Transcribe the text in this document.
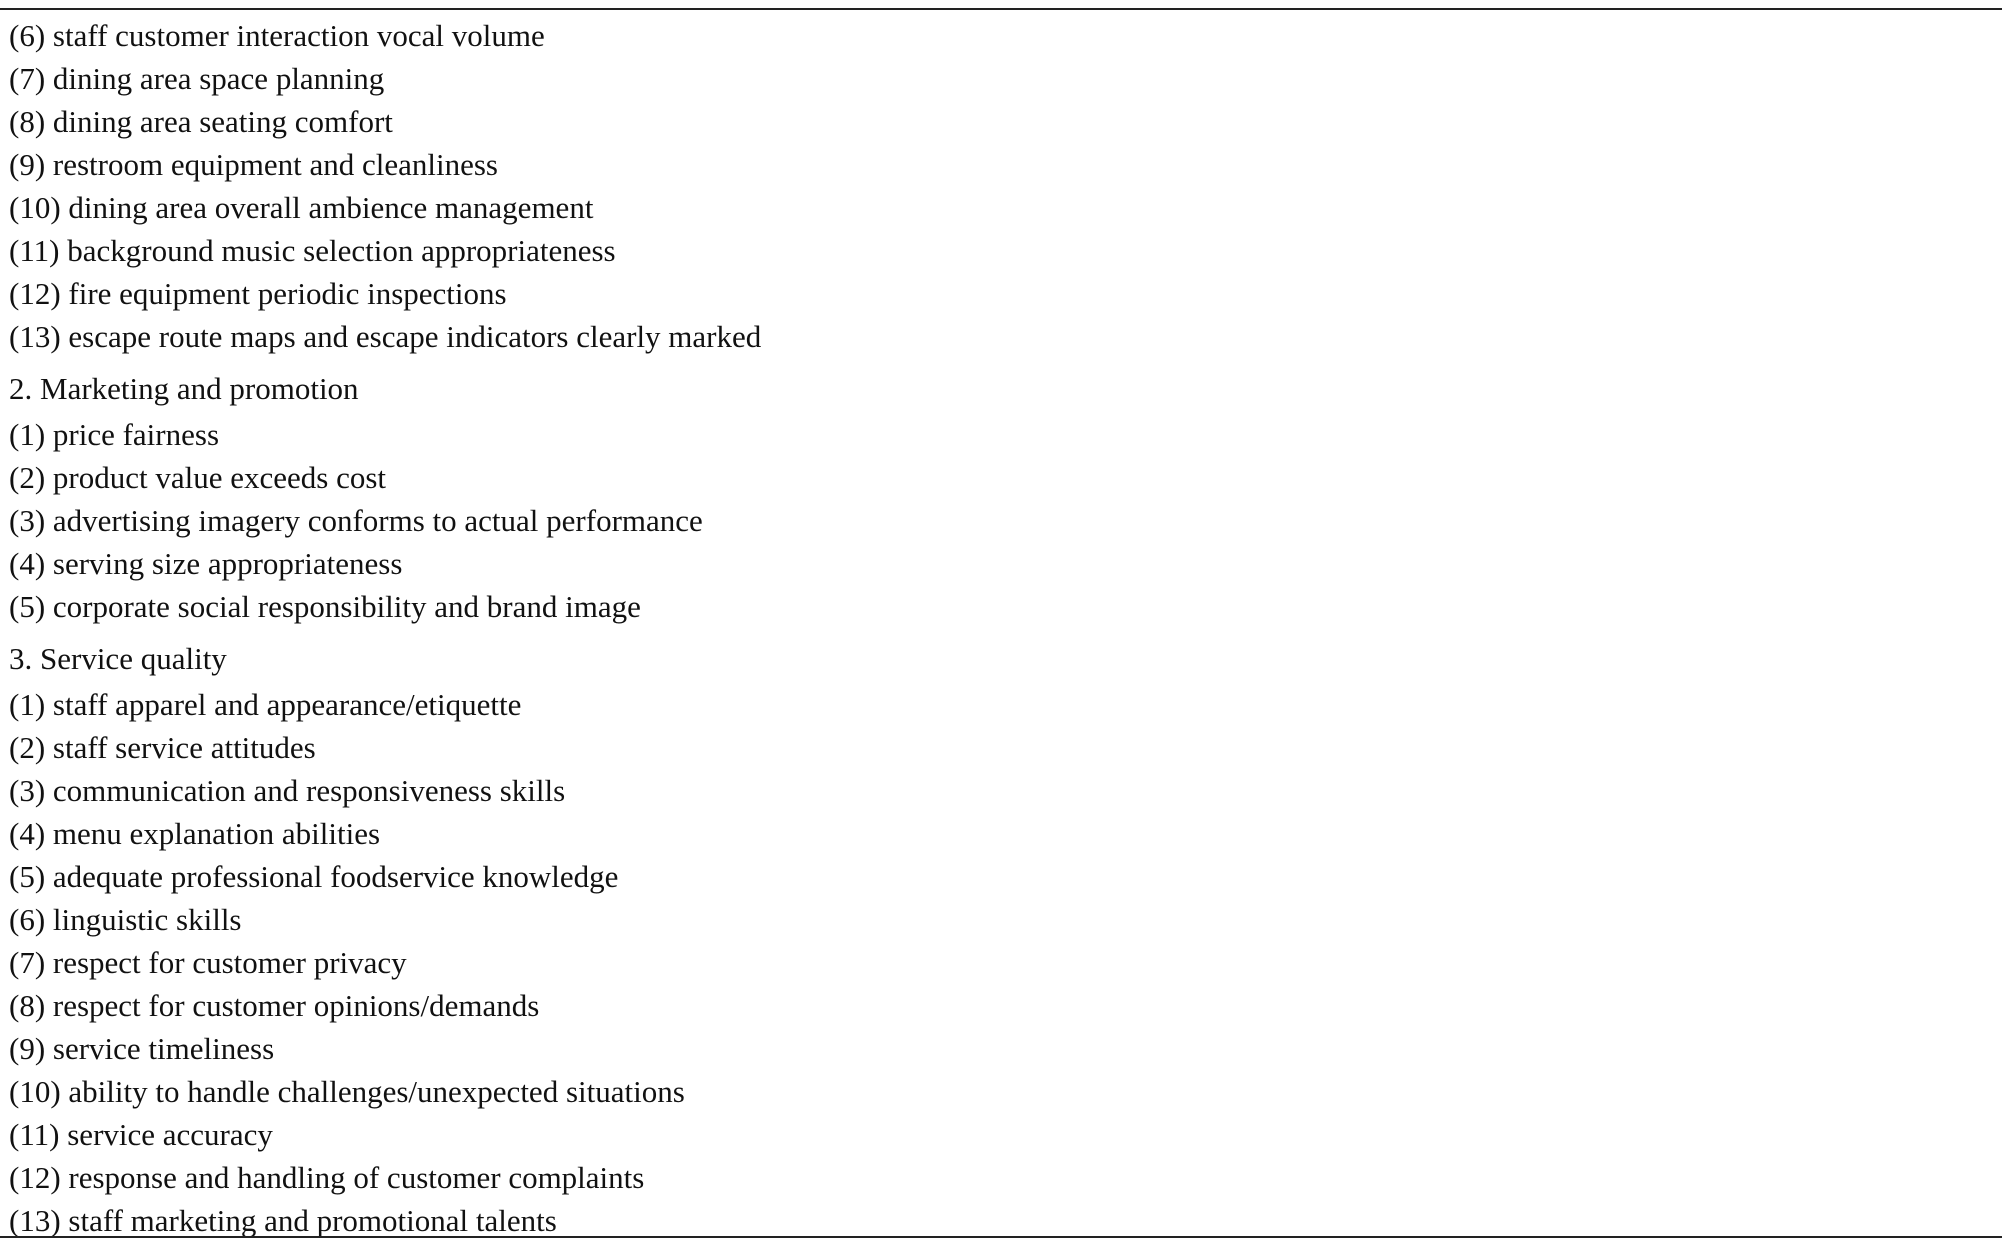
(6) staff customer interaction vocal volume
(7) dining area space planning
(8) dining area seating comfort
(9) restroom equipment and cleanliness
(10) dining area overall ambience management
(11) background music selection appropriateness
(12) fire equipment periodic inspections
(13) escape route maps and escape indicators clearly marked
2. Marketing and promotion
(1) price fairness
(2) product value exceeds cost
(3) advertising imagery conforms to actual performance
(4) serving size appropriateness
(5) corporate social responsibility and brand image
3. Service quality
(1) staff apparel and appearance/etiquette
(2) staff service attitudes
(3) communication and responsiveness skills
(4) menu explanation abilities
(5) adequate professional foodservice knowledge
(6) linguistic skills
(7) respect for customer privacy
(8) respect for customer opinions/demands
(9) service timeliness
(10) ability to handle challenges/unexpected situations
(11) service accuracy
(12) response and handling of customer complaints
(13) staff marketing and promotional talents
